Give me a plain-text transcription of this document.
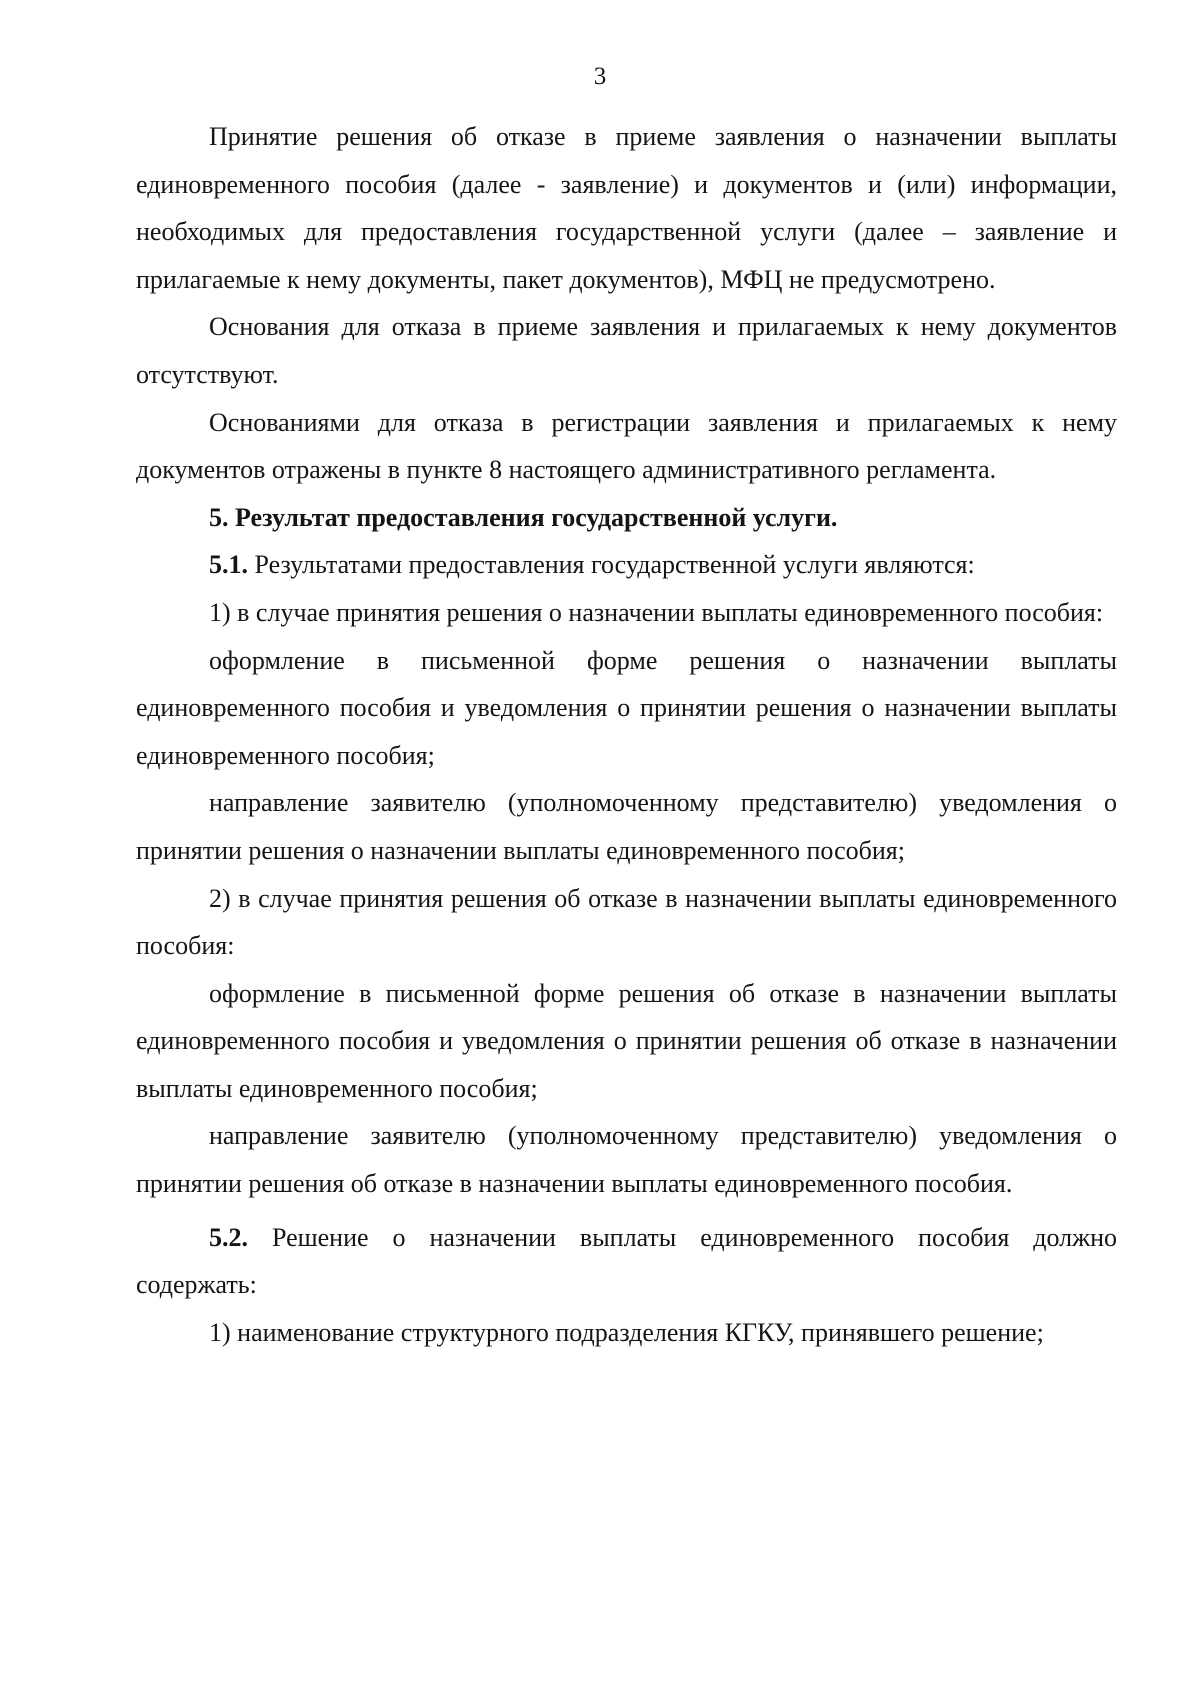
3

Принятие решения об отказе в приеме заявления о назначении выплаты единовременного пособия (далее - заявление) и документов и (или) информации, необходимых для предоставления государственной услуги (далее – заявление и прилагаемые к нему документы, пакет документов), МФЦ не предусмотрено.

Основания для отказа в приеме заявления и прилагаемых к нему документов отсутствуют.

Основаниями для отказа в регистрации заявления и прилагаемых к нему документов отражены в пункте 8 настоящего административного регламента.

5. Результат предоставления государственной услуги.

5.1. Результатами предоставления государственной услуги являются:

1) в случае принятия решения о назначении выплаты единовременного пособия:

оформление в письменной форме решения о назначении выплаты единовременного пособия и уведомления о принятии решения о назначении выплаты единовременного пособия;

направление заявителю (уполномоченному представителю) уведомления о принятии решения о назначении выплаты единовременного пособия;

2) в случае принятия решения об отказе в назначении выплаты единовременного пособия:

оформление в письменной форме решения об отказе в назначении выплаты единовременного пособия и уведомления о принятии решения об отказе в назначении выплаты единовременного пособия;

направление заявителю (уполномоченному представителю) уведомления о принятии решения об отказе в назначении выплаты единовременного пособия.

5.2. Решение о назначении выплаты единовременного пособия должно содержать:

1) наименование структурного подразделения КГКУ, принявшего решение;
